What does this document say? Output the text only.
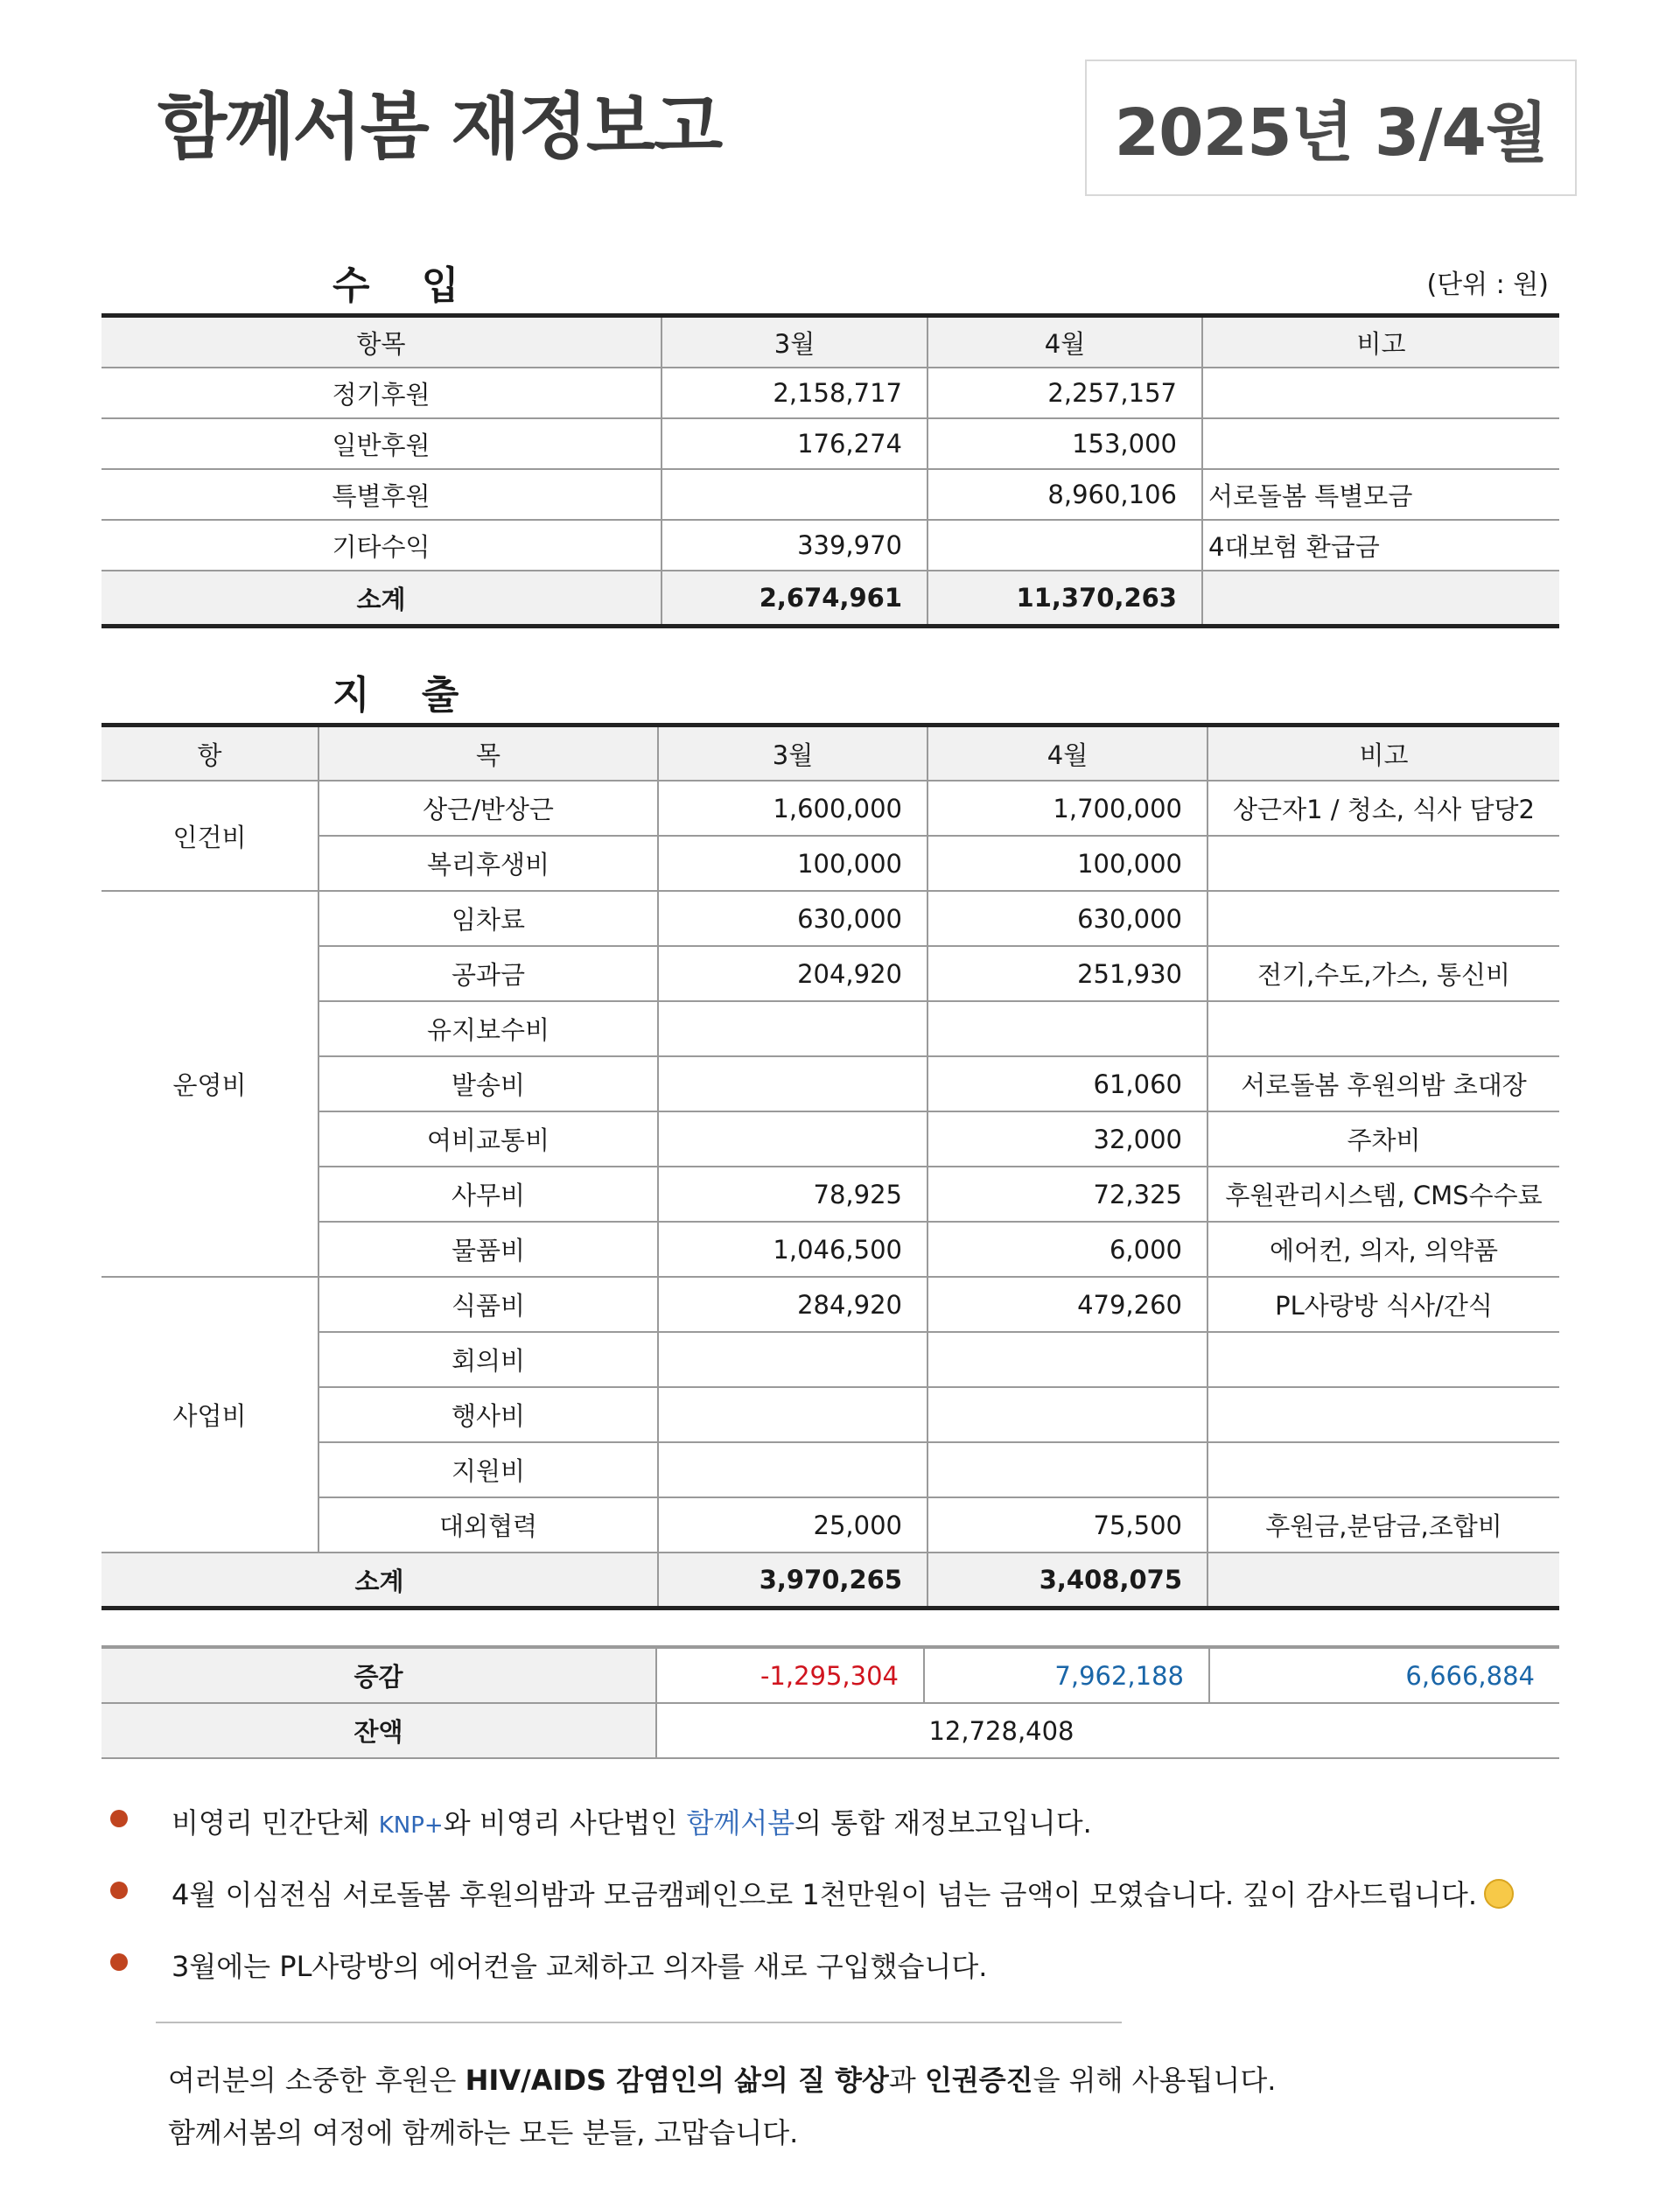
함께서봄 재정보고	2025년 3/4월
수 입	(단위 : 원)
항목	3월	4월	비고
정기후원	2,158,717	2,257,157	
일반후원	176,274	153,000	
특별후원		8,960,106	서로돌봄 특별모금
기타수익	339,970		4대보험 환급금
소계	2,674,961	11,370,263	
지 출
항	목	3월	4월	비고
인건비	상근/반상근	1,600,000	1,700,000	상근자1 / 청소, 식사 담당2
	복리후생비	100,000	100,000	
운영비	임차료	630,000	630,000	
	공과금	204,920	251,930	전기,수도,가스, 통신비
	유지보수비			
	발송비		61,060	서로돌봄 후원의밤 초대장
	여비교통비		32,000	주차비
	사무비	78,925	72,325	후원관리시스템, CMS수수료
	물품비	1,046,500	6,000	에어컨, 의자, 의약품
사업비	식품비	284,920	479,260	PL사랑방 식사/간식
	회의비			
	행사비			
	지원비			
	대외협력	25,000	75,500	후원금,분담금,조합비
소계		3,970,265	3,408,075	
증감	-1,295,304	7,962,188	6,666,884
잔액	12,728,408		
비영리 민간단체 KNP+와 비영리 사단법인 함께서봄의 통합 재정보고입니다.
4월 이심전심 서로돌봄 후원의밤과 모금캠페인으로 1천만원이 넘는 금액이 모였습니다. 깊이 감사드립니다.
3월에는 PL사랑방의 에어컨을 교체하고 의자를 새로 구입했습니다.
여러분의 소중한 후원은 HIV/AIDS 감염인의 삶의 질 향상과 인권증진을 위해 사용됩니다.
함께서봄의 여정에 함께하는 모든 분들, 고맙습니다.
